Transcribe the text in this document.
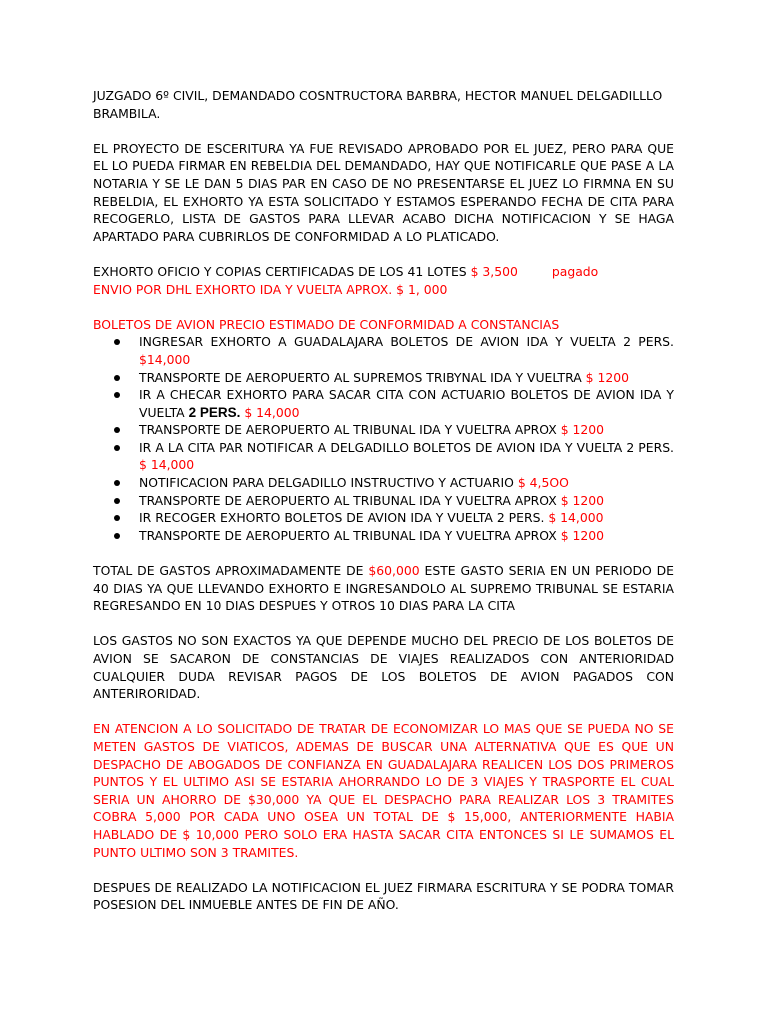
JUZGADO 6º CIVIL, DEMANDADO COSNTRUCTORA BARBRA, HECTOR MANUEL DELGADILLLO BRAMBILA.

EL PROYECTO DE ESCERITURA YA FUE REVISADO APROBADO POR EL JUEZ, PERO PARA QUE EL LO PUEDA FIRMAR EN REBELDIA DEL DEMANDADO, HAY QUE NOTIFICARLE QUE PASE A LA NOTARIA Y SE LE DAN 5 DIAS PAR EN CASO DE NO PRESENTARSE EL JUEZ LO FIRMNA EN SU REBELDIA, EL EXHORTO YA ESTA SOLICITADO Y ESTAMOS ESPERANDO FECHA DE CITA PARA RECOGERLO, LISTA DE GASTOS PARA LLEVAR ACABO DICHA NOTIFICACION Y SE HAGA APARTADO PARA CUBRIRLOS DE CONFORMIDAD A LO PLATICADO.

EXHORTO OFICIO Y COPIAS CERTIFICADAS DE LOS 41 LOTES $ 3,500	pagado

ENVIO POR DHL EXHORTO IDA Y VUELTA APROX. $ 1, 000

BOLETOS DE AVION PRECIO ESTIMADO DE CONFORMIDAD A CONSTANCIAS

INGRESAR EXHORTO A GUADALAJARA BOLETOS DE AVION IDA Y VUELTA 2 PERS. $14,000
TRANSPORTE DE AEROPUERTO AL SUPREMOS TRIBYNAL IDA Y VUELTRA $ 1200
IR A CHECAR EXHORTO PARA SACAR CITA CON ACTUARIO BOLETOS DE AVION IDA Y VUELTA 2 PERS. $ 14,000
TRANSPORTE DE AEROPUERTO AL TRIBUNAL IDA Y VUELTRA APROX $ 1200
IR A LA CITA PAR NOTIFICAR A DELGADILLO BOLETOS DE AVION IDA Y VUELTA 2 PERS. $ 14,000
NOTIFICACION PARA DELGADILLO INSTRUCTIVO Y ACTUARIO $ 4,5OO
TRANSPORTE DE AEROPUERTO AL TRIBUNAL IDA Y VUELTRA APROX $ 1200
IR RECOGER EXHORTO BOLETOS DE AVION IDA Y VUELTA 2 PERS. $ 14,000
TRANSPORTE DE AEROPUERTO AL TRIBUNAL IDA Y VUELTRA APROX $ 1200

TOTAL DE GASTOS APROXIMADAMENTE DE $60,000 ESTE GASTO SERIA EN UN PERIODO DE 40 DIAS YA QUE LLEVANDO EXHORTO E INGRESANDOLO AL SUPREMO TRIBUNAL SE ESTARIA REGRESANDO EN 10 DIAS DESPUES Y OTROS 10 DIAS PARA LA CITA

LOS GASTOS NO SON EXACTOS YA QUE DEPENDE MUCHO DEL PRECIO DE LOS BOLETOS DE AVION SE SACARON DE CONSTANCIAS DE VIAJES REALIZADOS CON ANTERIORIDAD CUALQUIER DUDA REVISAR PAGOS DE LOS BOLETOS DE AVION PAGADOS CON ANTERIRORIDAD.

EN ATENCION A LO SOLICITADO DE TRATAR DE ECONOMIZAR LO MAS QUE SE PUEDA NO SE METEN GASTOS DE VIATICOS, ADEMAS DE BUSCAR UNA ALTERNATIVA QUE ES QUE UN DESPACHO DE ABOGADOS DE CONFIANZA EN GUADALAJARA REALICEN LOS DOS PRIMEROS PUNTOS Y EL ULTIMO ASI SE ESTARIA AHORRANDO LO DE 3 VIAJES Y TRASPORTE EL CUAL SERIA UN AHORRO DE $30,000 YA QUE EL DESPACHO PARA REALIZAR LOS 3 TRAMITES COBRA 5,000 POR CADA UNO OSEA UN TOTAL DE $ 15,000, ANTERIORMENTE HABIA HABLADO DE $ 10,000 PERO SOLO ERA HASTA SACAR CITA ENTONCES SI LE SUMAMOS EL PUNTO ULTIMO SON 3 TRAMITES.

DESPUES DE REALIZADO LA NOTIFICACION EL JUEZ FIRMARA ESCRITURA Y SE PODRA TOMAR POSESION DEL INMUEBLE ANTES DE FIN DE AÑO.
